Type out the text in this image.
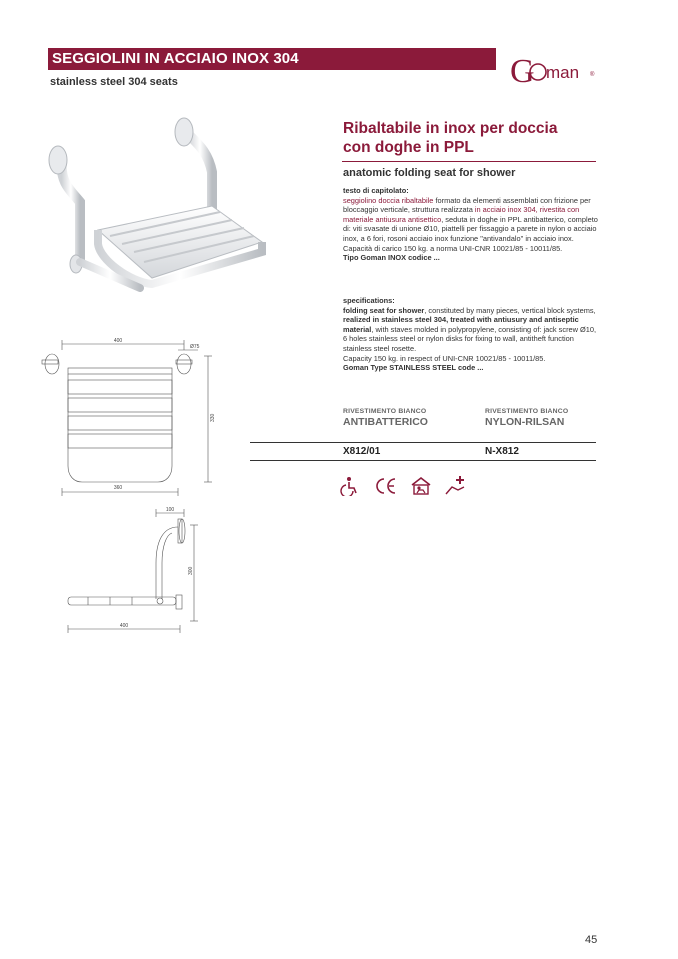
SEGGIOLINI IN ACCIAIO INOX 304
stainless steel 304 seats	G man ®
400
Ø75
330
360
100
300
400
Ribaltabile in inox per doccia
con doghe in PPL
anatomic folding seat for shower
testo di capitolato:
seggiolino doccia ribaltabile formato da elementi assemblati con frizione per bloccaggio verticale, struttura realizzata in acciaio inox 304, rivestita con materiale antiusura antisettico, seduta in doghe in PPL antibatterico, completo di: viti svasate di unione Ø10, piattelli per fissaggio a parete in nylon o acciaio inox, a 6 fori, rosoni acciaio inox funzione "antivandalo" in acciaio inox.
Capacità di carico 150 kg. a norma UNI-CNR 10021/85 - 10011/85.
Tipo Goman INOX codice ...
specifications:
folding seat for shower, constituted by many pieces, vertical block systems, realized in stainless steel 304, treated with antiusury and antiseptic material, with staves molded in polypropylene, consisting of: jack screw Ø10, 6 holes stainless steel or nylon disks for fixing to wall, antitheft function stainless steel rosette.
Capacity 150 kg. in respect of UNI-CNR 10021/85 - 10011/85.
Goman Type STAINLESS STEEL code ...
RIVESTIMENTO BIANCO
ANTIBATTERICO
RIVESTIMENTO BIANCO
NYLON-RILSAN
X812/01	N-X812
45
